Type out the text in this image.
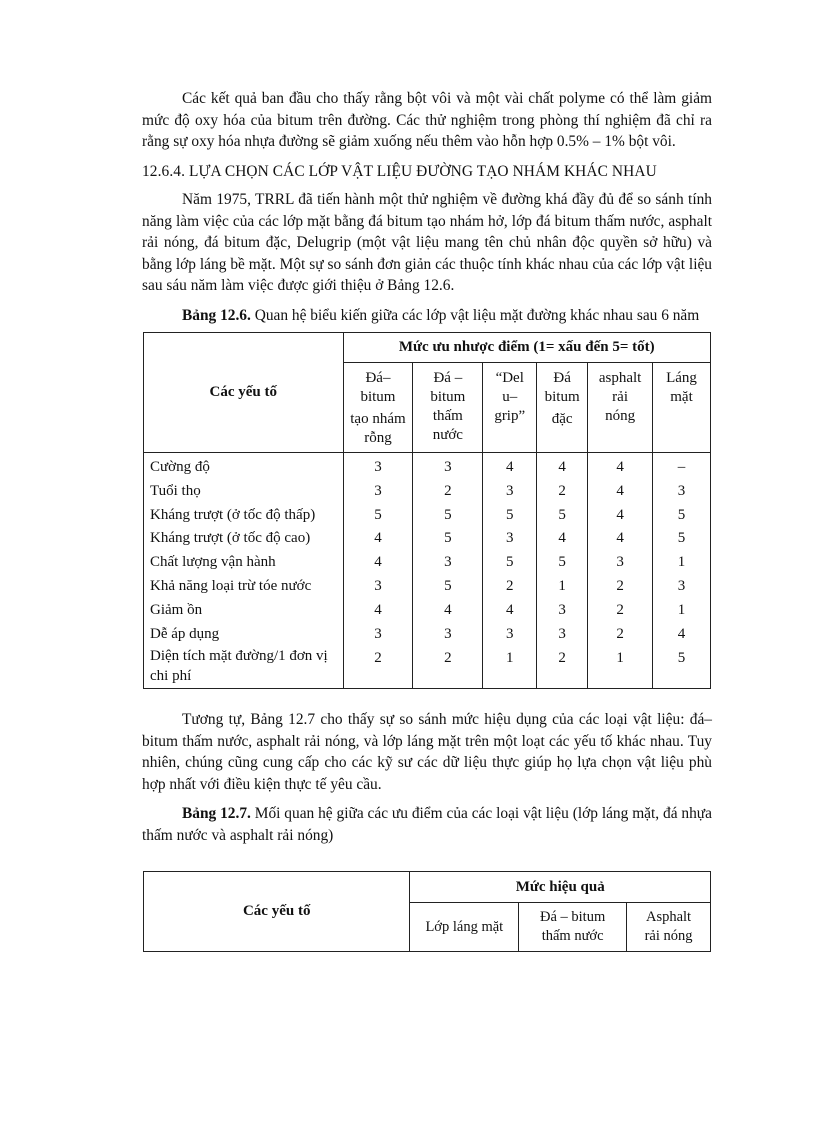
Các kết quả ban đầu cho thấy rằng bột vôi và một vài chất polyme có thể làm giảm mức độ oxy hóa của bitum trên đường. Các thử nghiệm trong phòng thí nghiệm đã chỉ ra rằng sự oxy hóa nhựa đường sẽ giảm xuống nếu thêm vào hỗn hợp 0.5% – 1% bột vôi.

12.6.4. LỰA CHỌN CÁC LỚP VẬT LIỆU ĐƯỜNG TẠO NHÁM KHÁC NHAU

Năm 1975, TRRL đã tiến hành một thử nghiệm về đường khá đầy đủ để so sánh tính năng làm việc của các lớp mặt bằng đá bitum tạo nhám hở, lớp đá bitum thấm nước, asphalt rải nóng, đá bitum đặc, Delugrip (một vật liệu mang tên chủ nhân độc quyền sở hữu) và bằng lớp láng bề mặt. Một sự so sánh đơn giản các thuộc tính khác nhau của các lớp vật liệu sau sáu năm làm việc được giới thiệu ở Bảng 12.6.

Bảng 12.6. Quan hệ biểu kiến giữa các lớp vật liệu mặt đường khác nhau sau 6 năm

Các yếu tố	Mức ưu nhược điểm (1= xấu đến 5= tốt)					
	Đá–
bitum

tạo nhám
rỗng	Đá –
bitum
thấm
nước	“Del
u–
grip”	Đá
bitum

đặc	asphalt
rải
nóng	Láng
mặt
Cường độ	3	3	4	4	4	–
Tuổi thọ	3	2	3	2	4	3
Kháng trượt (ở tốc độ thấp)	5	5	5	5	4	5
Kháng trượt (ở tốc độ cao)	4	5	3	4	4	5
Chất lượng vận hành	4	3	5	5	3	1
Khả năng loại trừ tóe nước	3	5	2	1	2	3
Giảm ồn	4	4	4	3	2	1
Dễ áp dụng	3	3	3	3	2	4
Diện tích mặt đường/1 đơn vị chi phí	2	2	1	2	1	5

Tương tự, Bảng 12.7 cho thấy sự so sánh mức hiệu dụng của các loại vật liệu: đá–bitum thấm nước, asphalt rải nóng, và lớp láng mặt trên một loạt các yếu tố khác nhau. Tuy nhiên, chúng cũng cung cấp cho các kỹ sư các dữ liệu thực giúp họ lựa chọn vật liệu phù hợp nhất với điều kiện thực tế yêu cầu.

Bảng 12.7. Mối quan hệ giữa các ưu điểm của các loại vật liệu (lớp láng mặt, đá nhựa thấm nước và asphalt rải nóng)

Các yếu tố	Mức hiệu quả		
	Lớp láng mặt	Đá – bitum
thấm nước	Asphalt
rải nóng
